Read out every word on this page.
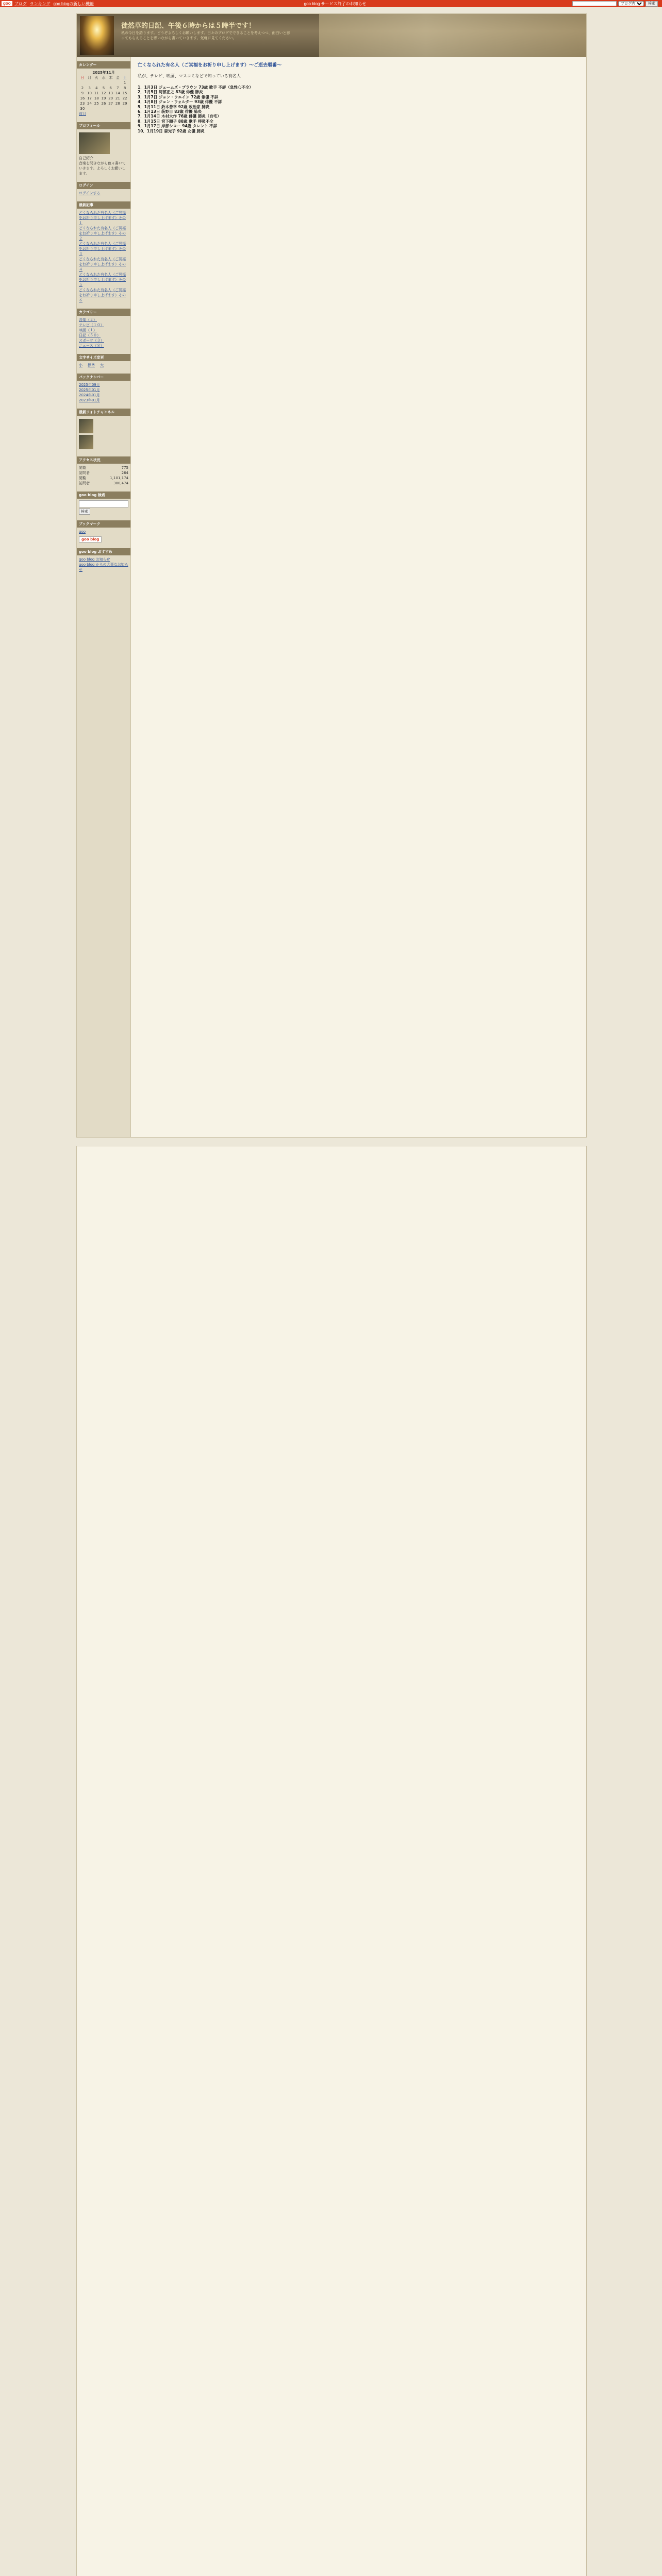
goo ブログ ランキング goo blogの新しい機能	goo blog サービス終了のお知らせ
ブログ内	検索
徒然草的日記、午後６時からは５時半です！
私の今日を語ります。どうぞよろしくお願いします。日々のブログでできることを考えつつ、面白いと思ってもらえることを願いながら書いていきます。気軽に見てください。
カレンダー
2025年11月
日	月	火	水	木	金	土
						1
2	3	4	5	6	7	8
9	10	11	12	13	14	15
16	17	18	19	20	21	22
23	24	25	26	27	28	29
30						
前月
プロフィール
自己紹介
音楽を聞きながら色々書いていきます。よろしくお願いします。
ログイン
ログインする
最新記事
どくなられた有名人（ご冥福をお祈り申し上げます）その１
どくなられた有名人（ご冥福をお祈り申し上げます）その２
どくなられた有名人（ご冥福をお祈り申し上げます）その３
どくなられた有名人（ご冥福をお祈り申し上げます）その４
どくなられた有名人（ご冥福をお祈り申し上げます）その５
どくなられた有名人（ご冥福をお祈り申し上げます）その６
カテゴリー
音楽（２）
テレビ（１０）
映画（１）
日記（５０）
スポーツ（３）
ニュース（８）
文字サイズ変更
小 標準 大
バックナンバー
2025年09月
2025年01月
2024年01月
2023年01月
最新フォトチャンネル
アクセス状況
閲覧	775
訪問者	264
閲覧	1,101,174
訪問者	300,474
goo blog 検索
検索
ブックマーク
goo
goo blog
goo blog おすすめ
goo blog お知らせ
goo blog からの大事なお知らせ
亡くなられた有名人（ご冥福をお祈り申し上げます）～ご逝去順番～
私が、テレビ、映画、マスコミなどで知っている有名人
1．1月3日 ジェームズ・ブラウン 73歳 歌手 不詳（急性心不全）
2．1月5日 阿部正之 83歳 俳優 肺炎
3．1月7日 ジョン・ウエイン 72歳 俳優 不詳
4．1月8日 ジョン・ウォルター 93歳 俳優 不詳
5．1月11日 鈴木善幸 92歳 政治家 肺炎
6．1月13日 荻野目 83歳 俳優 肺炎
7．1月14日 木村大作 76歳 俳優 肺炎（自宅）
8．1月15日 宮下順子 88歳 歌手 呼吸不全
9．1月17日 岸部シロー 94歳 タレント 不詳
10．1月19日 森光子 92歳 女優 肺炎
